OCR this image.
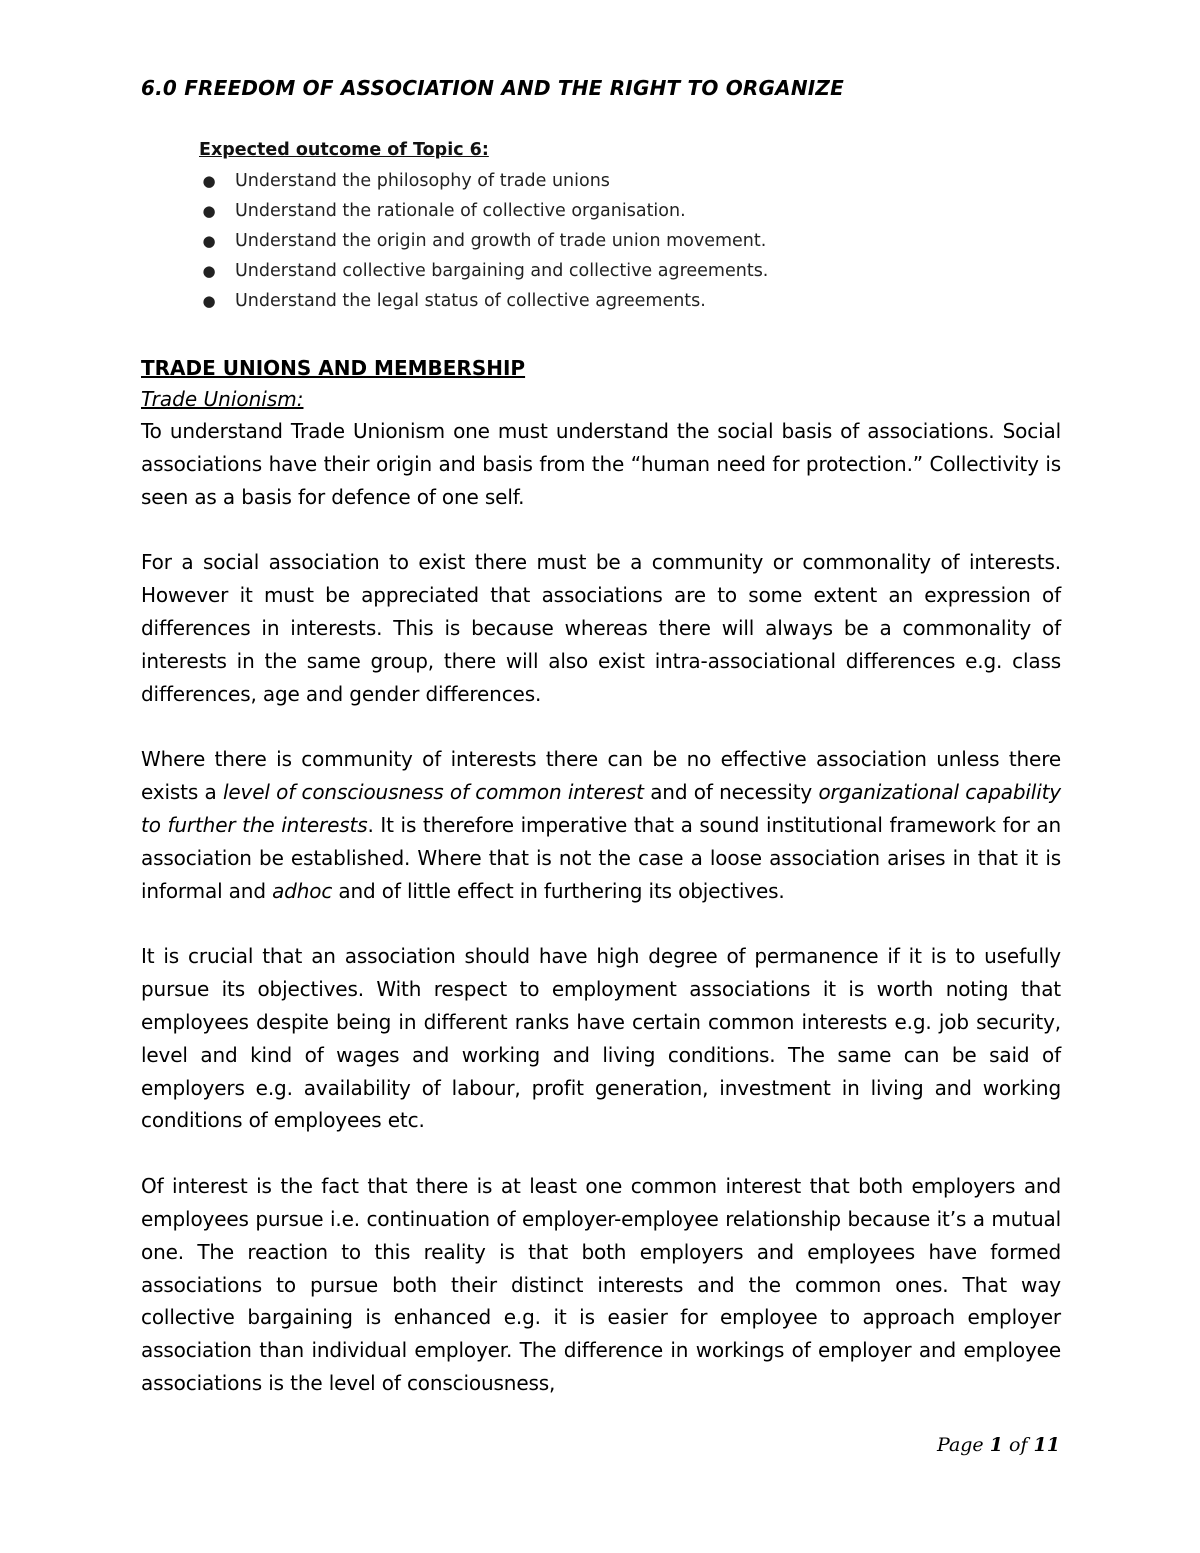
6.0 FREEDOM OF ASSOCIATION AND THE RIGHT TO ORGANIZE
Expected outcome of Topic 6:
● Understand the philosophy of trade unions
● Understand the rationale of collective organisation.
● Understand the origin and growth of trade union movement.
● Understand collective bargaining and collective agreements.
● Understand the legal status of collective agreements.
TRADE UNIONS AND MEMBERSHIP
Trade Unionism:

To understand Trade Unionism one must understand the social basis of associations. Social associations have their origin and basis from the “human need for protection.” Collectivity is seen as a basis for defence of one self.

For a social association to exist there must be a community or commonality of interests. However it must be appreciated that associations are to some extent an expression of differences in interests. This is because whereas there will always be a commonality of interests in the same group, there will also exist intra-associational differences e.g. class differences, age and gender differences.

Where there is community of interests there can be no effective association unless there exists a level of consciousness of common interest and of necessity organizational capability to further the interests. It is therefore imperative that a sound institutional framework for an association be established. Where that is not the case a loose association arises in that it is informal and adhoc and of little effect in furthering its objectives.

It is crucial that an association should have high degree of permanence if it is to usefully pursue its objectives. With respect to employment associations it is worth noting that employees despite being in different ranks have certain common interests e.g. job security, level and kind of wages and working and living conditions. The same can be said of employers e.g. availability of labour, profit generation, investment in living and working conditions of employees etc.

Of interest is the fact that there is at least one common interest that both employers and employees pursue i.e. continuation of employer-employee relationship because it’s a mutual one. The reaction to this reality is that both employers and employees have formed associations to pursue both their distinct interests and the common ones. That way collective bargaining is enhanced e.g. it is easier for employee to approach employer association than individual employer. The difference in workings of employer and employee associations is the level of consciousness,

Page 1 of 11
